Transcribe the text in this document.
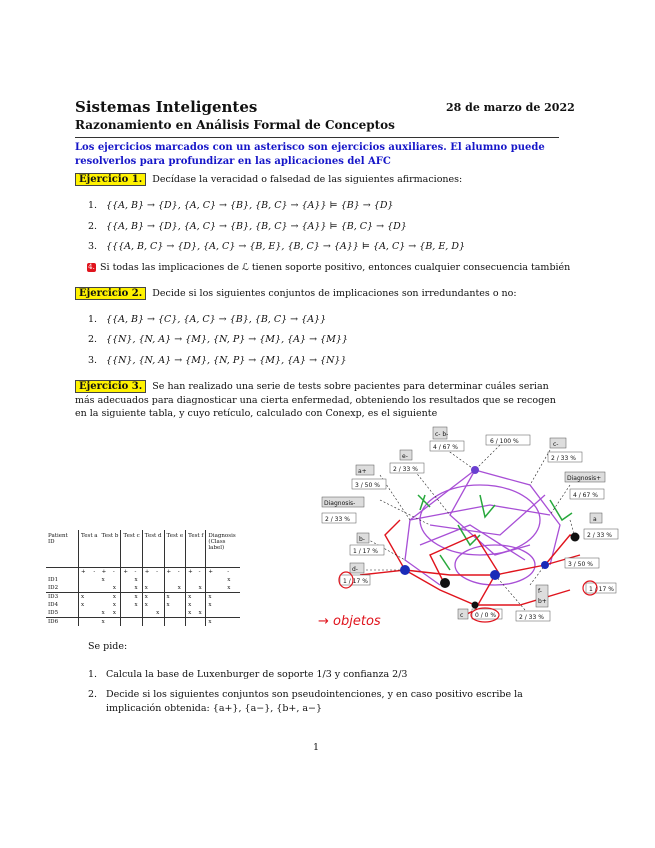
Sistemas Inteligentes	28 de marzo de 2022
Razonamiento en Análisis Formal de Conceptos
Los ejercicios marcados con un asterisco son ejercicios auxiliares. El alumno puede resolverlos para profundizar en las aplicaciones del AFC
Ejercicio 1. Decídase la veracidad o falsedad de las siguientes afirmaciones:
1. {{A, B} → {D}, {A, C} → {B}, {B, C} → {A}} ⊨ {B} → {D}
2. {{A, B} → {D}, {A, C} → {B}, {B, C} → {A}} ⊨ {B, C} → {D}
3. {{{A, B, C} → {D}, {A, C} → {B, E}, {B, C} → {A}} ⊨ {A, C} → {B, E, D}
4. Si todas las implicaciones de ℒ tienen soporte positivo, entonces cualquier consecuencia también
Ejercicio 2. Decide si los siguientes conjuntos de implicaciones son irredundantes o no:
1. {{A, B} → {C}, {A, C} → {B}, {B, C} → {A}}
2. {{N}, {N, A} → {M}, {N, P} → {M}, {A} → {M}}
3. {{N}, {N, A} → {M}, {N, P} → {M}, {A} → {N}}
Ejercicio 3. Se han realizado una serie de tests sobre pacientes para determinar cuáles serian más adecuados para diagnosticar una cierta enfermedad, obteniendo los resultados que se recogen en la siguiente tabla, y cuyo retículo, calculado con Conexp, es el siguiente
Patient ID	Test a		Test b		Test c		Test d		Test e		Test f		Diagnosis (Class label)	
	+	-	+	-	+	-	+	-	+	-	+	-	+	-
ID1			x			x								x
ID2				x		x	x			x		x		x
ID3	x			x		x	x		x		x		x	
ID4	x			x		x	x		x		x		x	
ID5			x	x				x			x	x		
ID6			x										x	
6 / 100 %
c- b-
4 / 67 %	c-
2 / 33 %
e-
2 / 33 %
a+
3 / 50 %
Diagnosis+
4 / 67 %
Diagnosis-
2 / 33 %	a
2 / 33 %
b-
1 / 17 %
d-
1 / 17 %
3 / 50 %
1 / 17 %
f-
b+
2 / 33 %
c 0 / 0 %
→ objetos
Se pide:
1. Calcula la base de Luxenburger de soporte 1/3 y confianza 2/3
2. Decide si los siguientes conjuntos son pseudointenciones, y en caso positivo escribe la implicación obtenida: {a+}, {a−}, {b+, a−}
1
